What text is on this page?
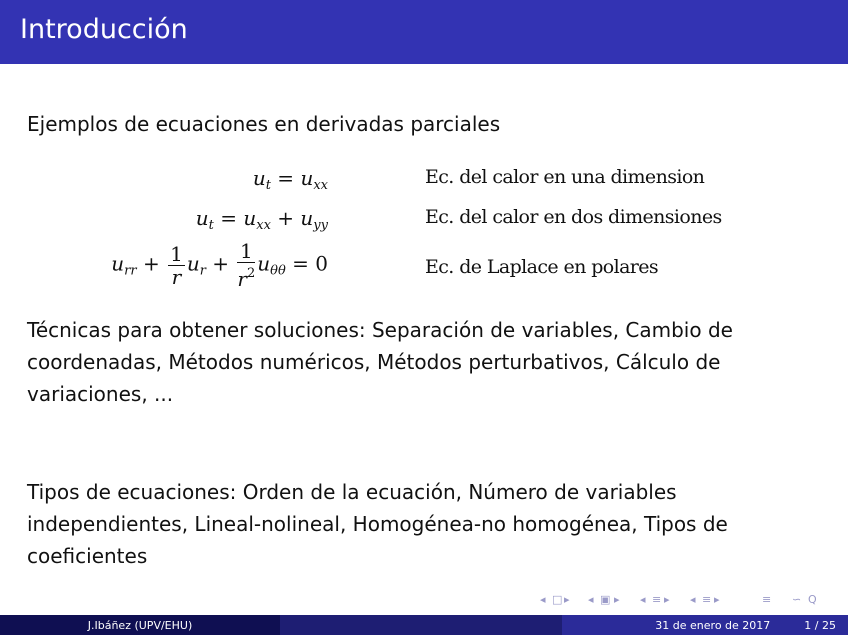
Introducción
Ejemplos de ecuaciones en derivadas parciales
$u_t = u_{xx}$	Ec. del calor en una dimension
$u_t = u_{xx} + u_{yy}$	Ec. del calor en dos dimensiones
$u_{rr} + \frac{1}{r} u_r + \frac{1}{r^2} u_{\theta\theta} = 0$	Ec. de Laplace en polares
Técnicas para obtener soluciones: Separación de variables, Cambio de coordenadas, Métodos numéricos, Métodos perturbativos, Cálculo de variaciones, ...
Tipos de ecuaciones: Orden de la ecuación, Número de variables independientes, Lineal-nolineal, Homogénea-no homogénea, Tipos de coeficientes
◂ □ ▸ ◂ ▣ ▸ ◂ ≡ ▸ ◂ ≡ ▸	≡ ∽ Q
J.Ibáñez (UPV/EHU)	31 de enero de 2017	1 / 25
